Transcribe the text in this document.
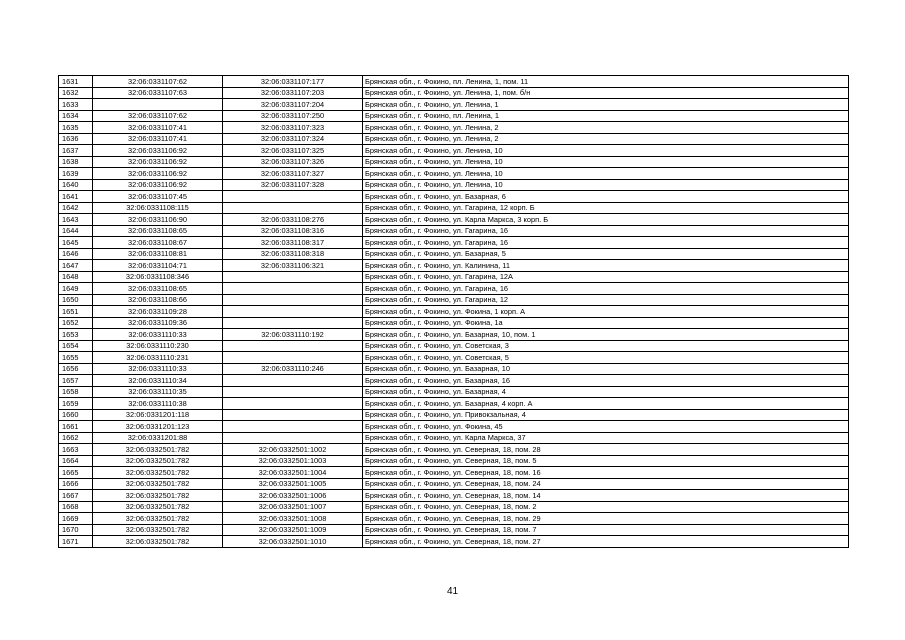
1631	32:06:0331107:62	32:06:0331107:177	Брянская обл., г. Фокино, пл. Ленина, 1, пом. 11
1632	32:06:0331107:63	32:06:0331107:203	Брянская обл., г. Фокино, ул. Ленина, 1, пом. б/н
1633		32:06:0331107:204	Брянская обл., г. Фокино, ул. Ленина, 1
1634	32:06:0331107:62	32:06:0331107:250	Брянская обл., г. Фокино, пл. Ленина, 1
1635	32:06:0331107:41	32:06:0331107:323	Брянская обл., г. Фокино, ул. Ленина, 2
1636	32:06:0331107:41	32:06:0331107:324	Брянская обл., г. Фокино, ул. Ленина, 2
1637	32:06:0331106:92	32:06:0331107:325	Брянская обл., г. Фокино, ул. Ленина, 10
1638	32:06:0331106:92	32:06:0331107:326	Брянская обл., г. Фокино, ул. Ленина, 10
1639	32:06:0331106:92	32:06:0331107:327	Брянская обл., г. Фокино, ул. Ленина, 10
1640	32:06:0331106:92	32:06:0331107:328	Брянская обл., г. Фокино, ул. Ленина, 10
1641	32:06:0331107:45		Брянская обл., г. Фокино, ул. Базарная, 6
1642	32:06:0331108:115		Брянская обл., г. Фокино, ул. Гагарина, 12 корп. Б
1643	32:06:0331106:90	32:06:0331108:276	Брянская обл., г. Фокино, ул. Карла Маркса, 3 корп. Б
1644	32:06:0331108:65	32:06:0331108:316	Брянская обл., г. Фокино, ул. Гагарина, 16
1645	32:06:0331108:67	32:06:0331108:317	Брянская обл., г. Фокино, ул. Гагарина, 16
1646	32:06:0331108:81	32:06:0331108:318	Брянская обл., г. Фокино, ул. Базарная, 5
1647	32:06:0331104:71	32:06:0331106:321	Брянская обл., г. Фокино, ул. Калинина, 11
1648	32:06:0331108:346		Брянская обл., г. Фокино, ул. Гагарина, 12А
1649	32:06:0331108:65		Брянская обл., г. Фокино, ул. Гагарина, 16
1650	32:06:0331108:66		Брянская обл., г. Фокино, ул. Гагарина, 12
1651	32:06:0331109:28		Брянская обл., г. Фокино, ул. Фокина, 1 корп. А
1652	32:06:0331109:36		Брянская обл., г. Фокино, ул. Фокина, 1а
1653	32:06:0331110:33	32:06:0331110:192	Брянская обл., г. Фокино, ул. Базарная, 10, пом. 1
1654	32:06:0331110:230		Брянская обл., г. Фокино, ул. Советская, 3
1655	32:06:0331110:231		Брянская обл., г. Фокино, ул. Советская, 5
1656	32:06:0331110:33	32:06:0331110:246	Брянская обл., г. Фокино, ул. Базарная, 10
1657	32:06:0331110:34		Брянская обл., г. Фокино, ул. Базарная, 16
1658	32:06:0331110:35		Брянская обл., г. Фокино, ул. Базарная, 4
1659	32:06:0331110:38		Брянская обл., г. Фокино, ул. Базарная, 4 корп. А
1660	32:06:0331201:118		Брянская обл., г. Фокино, ул. Привокзальная, 4
1661	32:06:0331201:123		Брянская обл., г. Фокино, ул. Фокина, 45
1662	32:06:0331201:88		Брянская обл., г. Фокино, ул. Карла Маркса, 37
1663	32:06:0332501:782	32:06:0332501:1002	Брянская обл., г. Фокино, ул. Северная, 18, пом. 28
1664	32:06:0332501:782	32:06:0332501:1003	Брянская обл., г. Фокино, ул. Северная, 18, пом. 5
1665	32:06:0332501:782	32:06:0332501:1004	Брянская обл., г. Фокино, ул. Северная, 18, пом. 16
1666	32:06:0332501:782	32:06:0332501:1005	Брянская обл., г. Фокино, ул. Северная, 18, пом. 24
1667	32:06:0332501:782	32:06:0332501:1006	Брянская обл., г. Фокино, ул. Северная, 18, пом. 14
1668	32:06:0332501:782	32:06:0332501:1007	Брянская обл., г. Фокино, ул. Северная, 18, пом. 2
1669	32:06:0332501:782	32:06:0332501:1008	Брянская обл., г. Фокино, ул. Северная, 18, пом. 29
1670	32:06:0332501:782	32:06:0332501:1009	Брянская обл., г. Фокино, ул. Северная, 18, пом. 7
1671	32:06:0332501:782	32:06:0332501:1010	Брянская обл., г. Фокино, ул. Северная, 18, пом. 27
41
